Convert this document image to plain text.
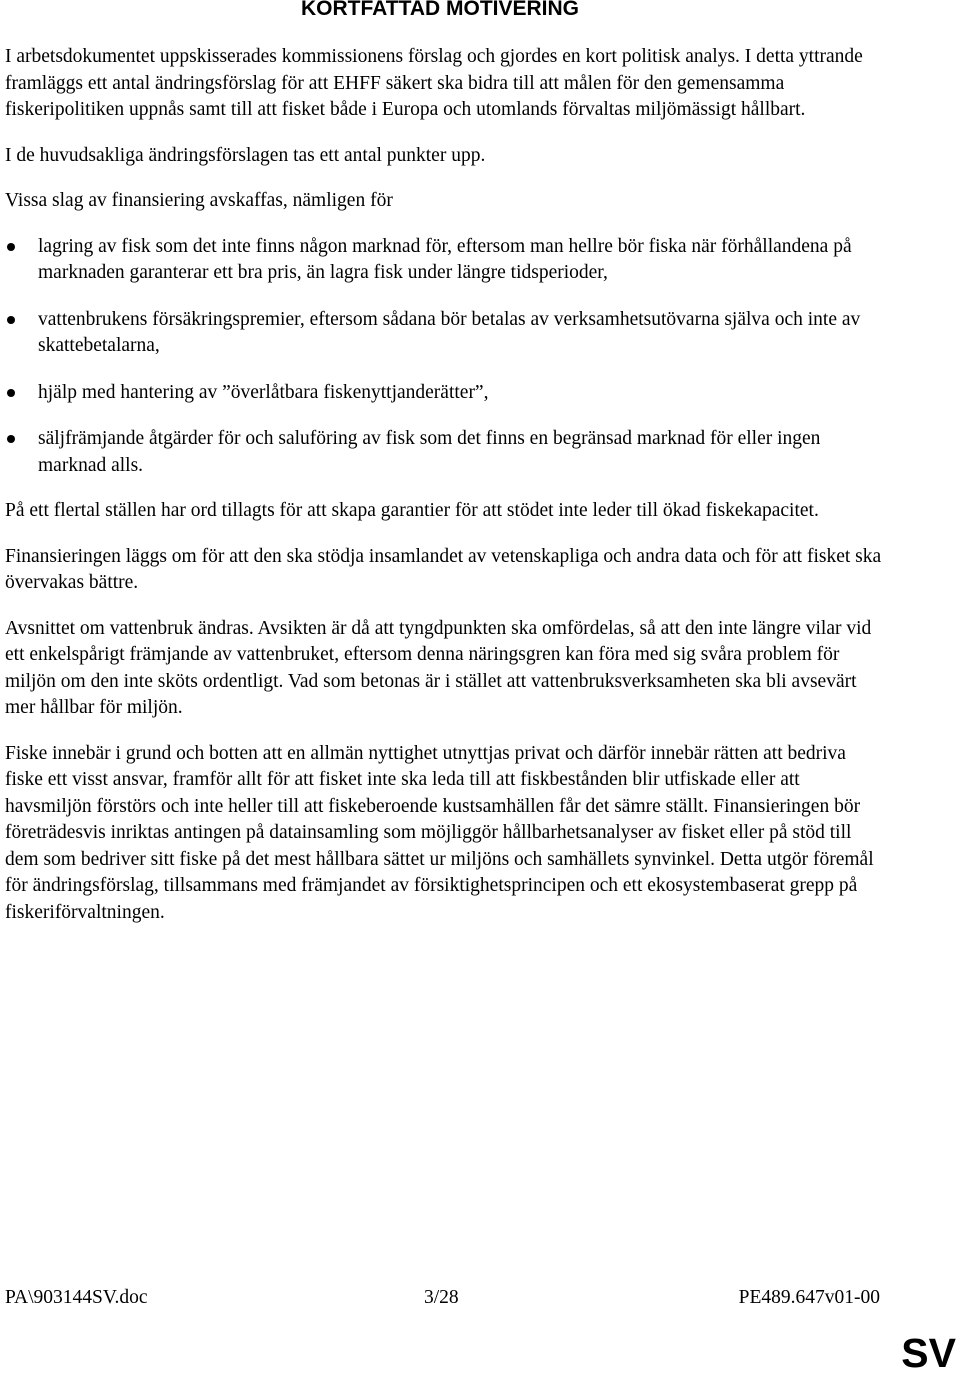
KORTFATTAD MOTIVERING

I arbetsdokumentet uppskisserades kommissionens förslag och gjordes en kort politisk analys. I detta yttrande framläggs ett antal ändringsförslag för att EHFF säkert ska bidra till att målen för den gemensamma fiskeripolitiken uppnås samt till att fisket både i Europa och utomlands förvaltas miljömässigt hållbart.

I de huvudsakliga ändringsförslagen tas ett antal punkter upp.

Vissa slag av finansiering avskaffas, nämligen för

lagring av fisk som det inte finns någon marknad för, eftersom man hellre bör fiska när förhållandena på marknaden garanterar ett bra pris, än lagra fisk under längre tidsperioder,
vattenbrukens försäkringspremier, eftersom sådana bör betalas av verksamhetsutövarna själva och inte av skattebetalarna,
hjälp med hantering av ”överlåtbara fiskenyttjanderätter”,
säljfrämjande åtgärder för och saluföring av fisk som det finns en begränsad marknad för eller ingen marknad alls.

På ett flertal ställen har ord tillagts för att skapa garantier för att stödet inte leder till ökad fiskekapacitet.

Finansieringen läggs om för att den ska stödja insamlandet av vetenskapliga och andra data och för att fisket ska övervakas bättre.

Avsnittet om vattenbruk ändras. Avsikten är då att tyngdpunkten ska omfördelas, så att den inte längre vilar vid ett enkelspårigt främjande av vattenbruket, eftersom denna näringsgren kan föra med sig svåra problem för miljön om den inte sköts ordentligt. Vad som betonas är i stället att vattenbruksverksamheten ska bli avsevärt mer hållbar för miljön.

Fiske innebär i grund och botten att en allmän nyttighet utnyttjas privat och därför innebär rätten att bedriva fiske ett visst ansvar, framför allt för att fisket inte ska leda till att fiskbestånden blir utfiskade eller att havsmiljön förstörs och inte heller till att fiskeberoende kustsamhällen får det sämre ställt. Finansieringen bör företrädesvis inriktas antingen på datainsamling som möjliggör hållbarhetsanalyser av fisket eller på stöd till dem som bedriver sitt fiske på det mest hållbara sättet ur miljöns och samhällets synvinkel. Detta utgör föremål för ändringsförslag, tillsammans med främjandet av försiktighetsprincipen och ett ekosystembaserat grepp på fiskeriförvaltningen.

PA\903144SV.doc	3/28	PE489.647v01-00
SV
